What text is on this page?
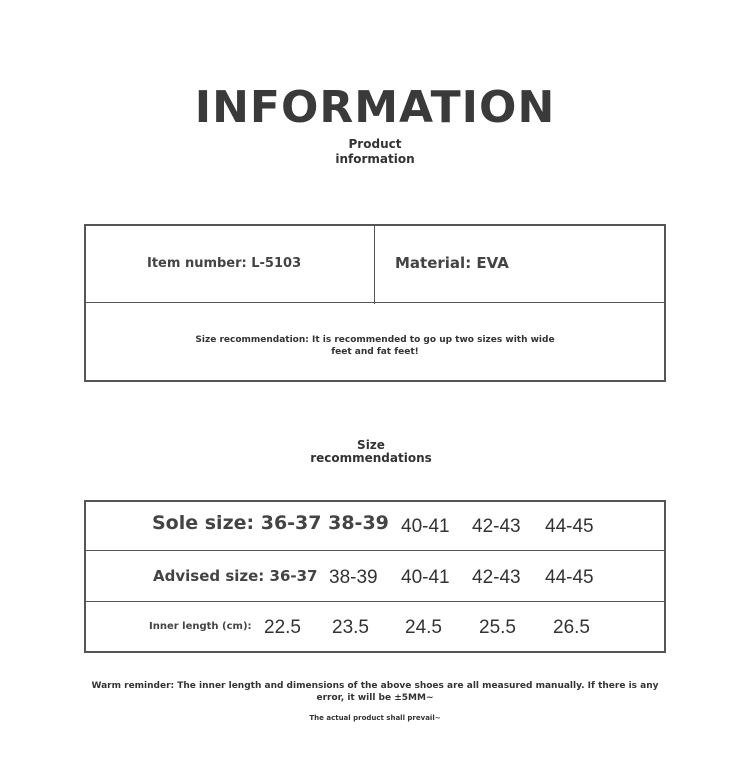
INFORMATION
Product
information
Item number: L-5103	Material: EVA
Size recommendation: It is recommended to go up two sizes with wide
feet and fat feet!
Size
recommendations
Sole size: 36-37 38-39 40-41 42-43 44-45
Advised size: 36-37 38-39 40-41 42-43 44-45
Inner length (cm): 22.5 23.5 24.5 25.5 26.5
Warm reminder: The inner length and dimensions of the above shoes are all measured manually. If there is any
error, it will be ±5MM~
The actual product shall prevail~
